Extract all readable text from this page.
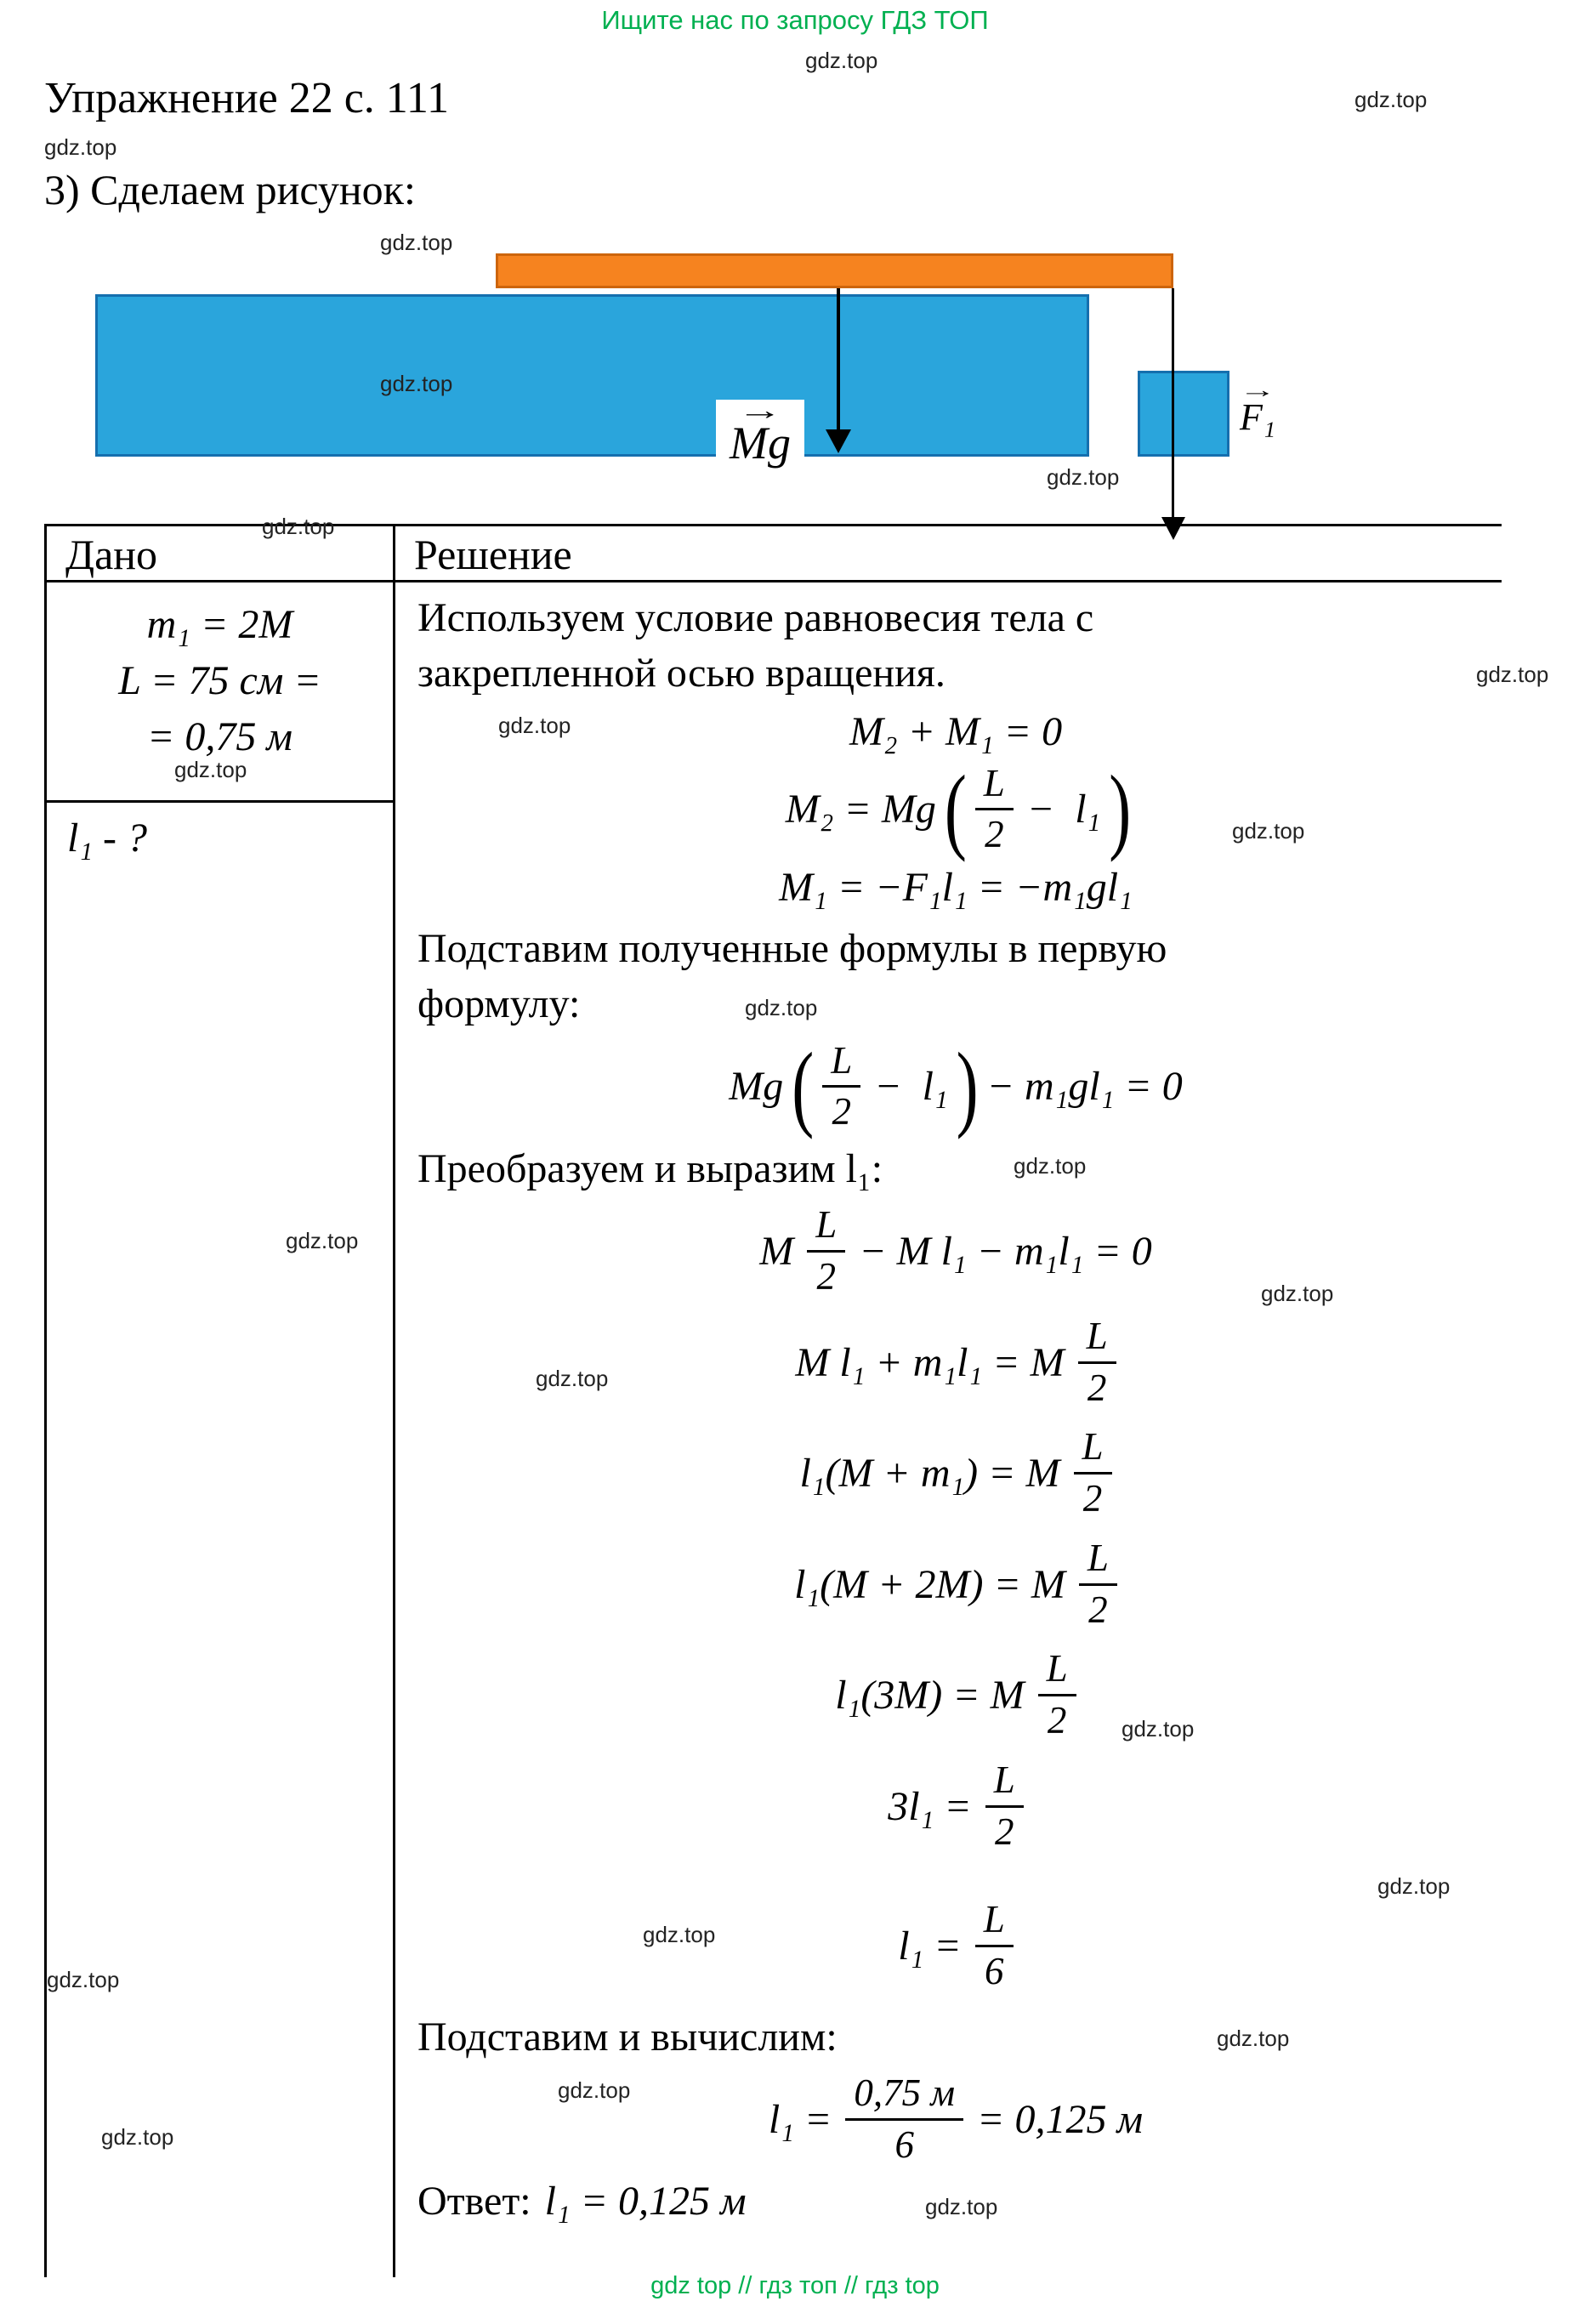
Ищите нас по запросу ГДЗ ТОП
gdz.top
gdz.top
gdz.top
gdz.top
gdz.top
gdz.top
gdz.top
gdz.top
gdz.top
gdz.top
gdz.top
gdz.top
gdz.top
gdz.top
gdz.top
gdz.top
gdz.top
gdz.top
gdz.top
gdz.top
gdz.top
gdz.top
gdz.top
gdz.top
Упражнение 22 с. 111
3) Сделаем рисунок:
→
Mg
→
F₁
Дано	Решение
m₁ = 2M
L = 75 см =
= 0,75 м
l₁ - ?

Используем условие равновесия тела с

закрепленной осью вращения.

М₂ + М₁ = 0
М₂ = Mg ( $\frac{L}{2} - l_1$ )
М₁ = −F₁l₁ = −m₁gl₁

Подставим полученные формулы в первую

формулу:

Mg ( $\frac{L}{2} - l_1$ ) − m₁gl₁ = 0

Преобразуем и выразим l₁:

M $\frac{L}{2} - M$ l₁ − m₁l₁ = 0
M l₁ + m₁l₁ = M $\frac{L}{2}$
l₁(М + m₁) = M $\frac{L}{2}$
l₁(М + 2М) = M $\frac{L}{2}$
l₁(3М) = M $\frac{L}{2}$
$3l_1 = \frac{L}{2}$
$l_1 = \frac{L}{6}$

Подставим и вычислим:

$l_1 = \frac{0,75 м}{6} = 0,125$ м
Ответ: l₁ = 0,125 м
gdz top // гдз топ // гдз top
